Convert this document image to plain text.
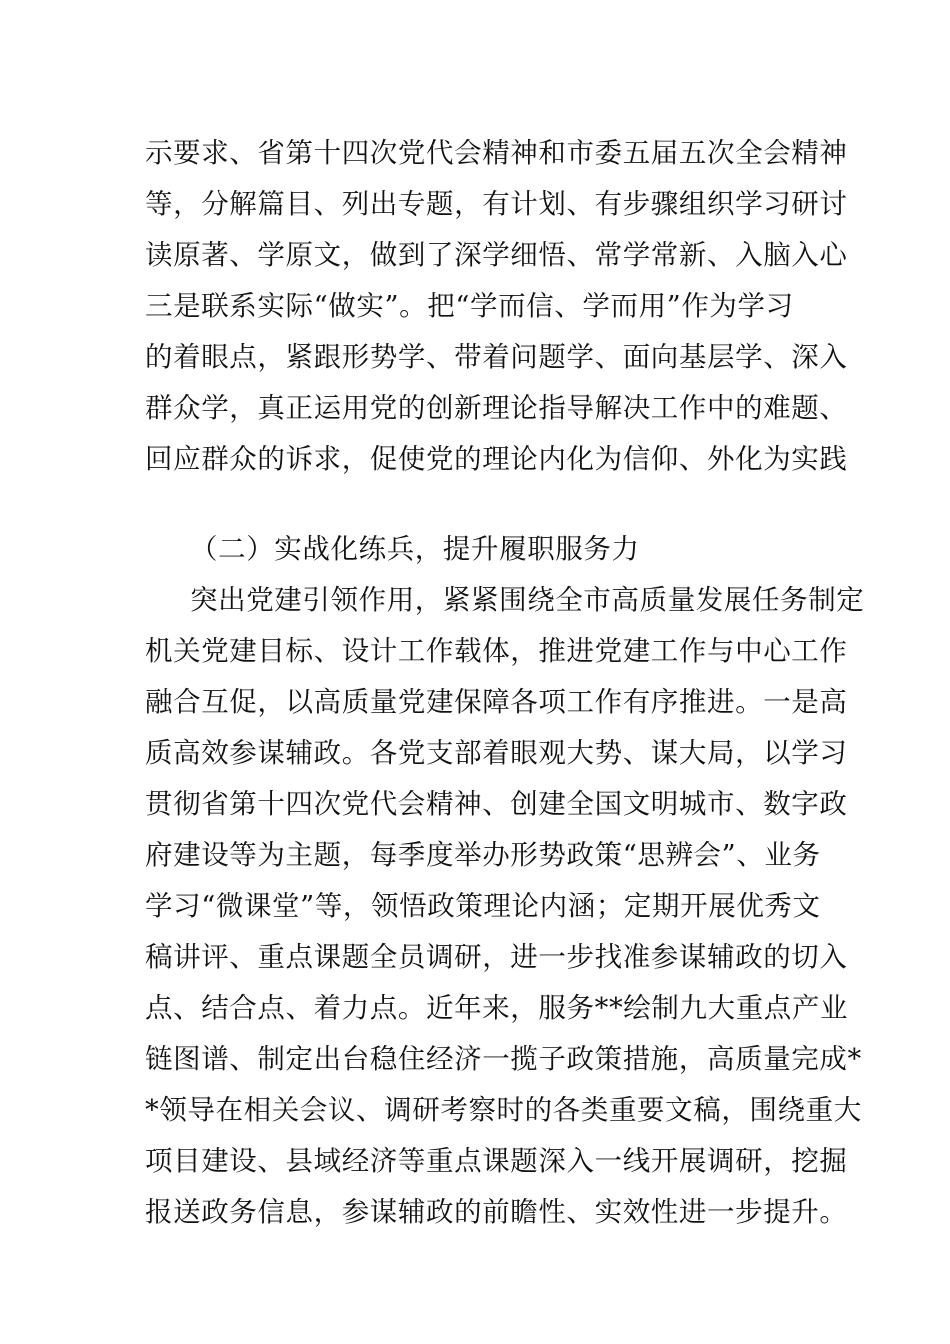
示要求、省第十四次党代会精神和市委五届五次全会精神
等，分解篇目、列出专题，有计划、有步骤组织学习研讨
读原著、学原文，做到了深学细悟、常学常新、入脑入心
三是联系实际“做实”。把“学而信、学而用”作为学习
的着眼点，紧跟形势学、带着问题学、面向基层学、深入
群众学，真正运用党的创新理论指导解决工作中的难题、
回应群众的诉求，促使党的理论内化为信仰、外化为实践
（二）实战化练兵，提升履职服务力
突出党建引领作用，紧紧围绕全市高质量发展任务制定
机关党建目标、设计工作载体，推进党建工作与中心工作
融合互促，以高质量党建保障各项工作有序推进。一是高
质高效参谋辅政。各党支部着眼观大势、谋大局，以学习
贯彻省第十四次党代会精神、创建全国文明城市、数字政
府建设等为主题，每季度举办形势政策“思辨会”、业务
学习“微课堂”等，领悟政策理论内涵；定期开展优秀文
稿讲评、重点课题全员调研，进一步找准参谋辅政的切入
点、结合点、着力点。近年来，服务**绘制九大重点产业
链图谱、制定出台稳住经济一揽子政策措施，高质量完成*
*领导在相关会议、调研考察时的各类重要文稿，围绕重大
项目建设、县域经济等重点课题深入一线开展调研，挖掘
报送政务信息，参谋辅政的前瞻性、实效性进一步提升。
